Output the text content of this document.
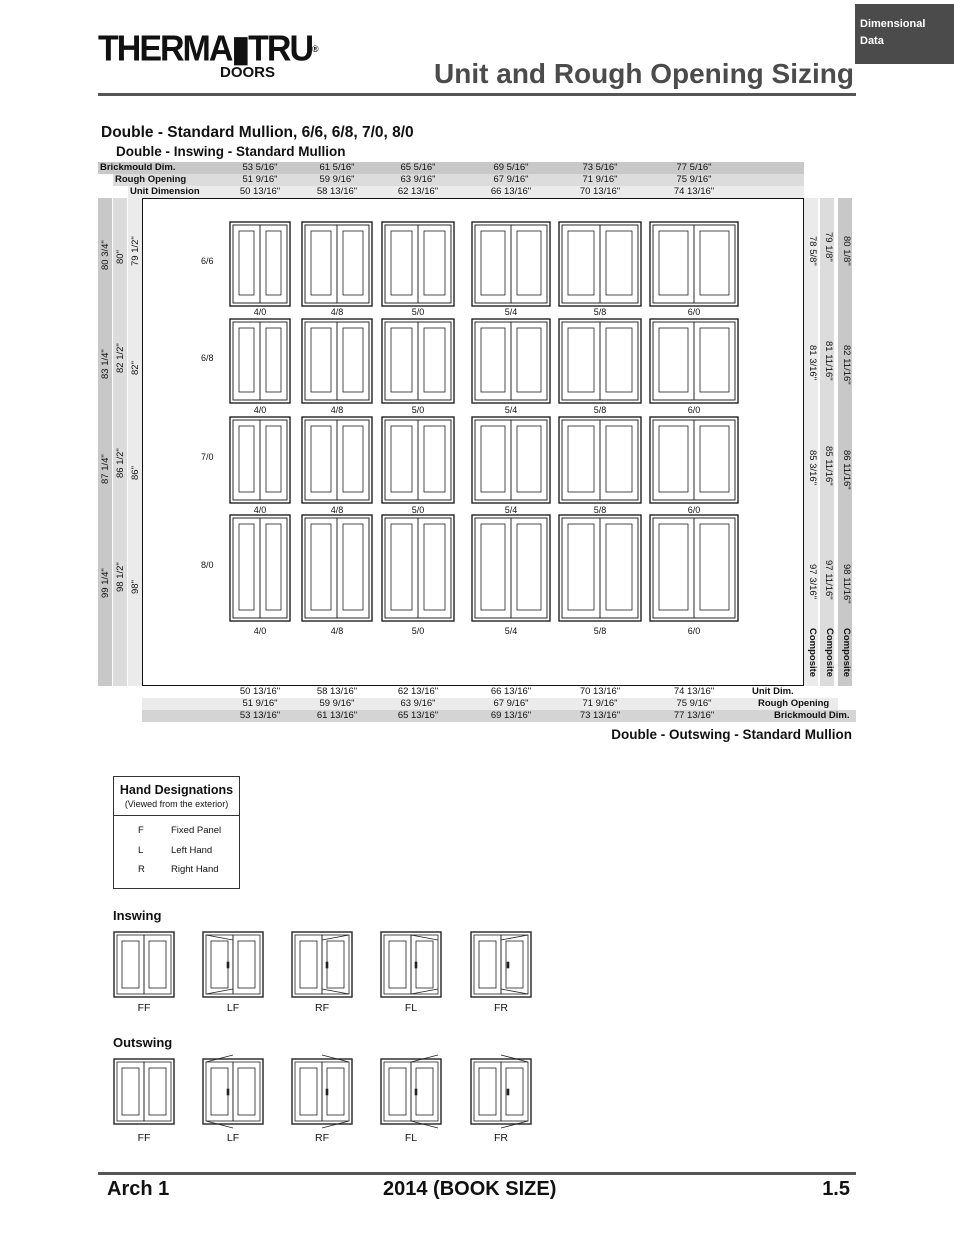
Dimensional
Data
THERMA▮TRU®
DOORS	Unit and Rough Opening Sizing
Double - Standard Mullion, 6/6, 6/8, 7/0, 8/0
Double - Inswing - Standard Mullion
Brickmould Dim.	53 5/16"	61 5/16"	65 5/16"	69 5/16"	73 5/16"	77 5/16"
Rough Opening	51 9/16"	59 9/16"	63 9/16"	67 9/16"	71 9/16"	75 9/16"
Unit Dimension	50 13/16"	58 13/16"	62 13/16"	66 13/16"	70 13/16"	74 13/16"
80 3/4" 80" 79 1/2"	78 5/8" 79 1/8" 80 1/8"
83 1/4" 82 1/2" 82"	81 3/16" 81 11/16" 82 11/16"
87 1/4" 86 1/2" 86"	85 3/16" 85 11/16" 86 11/16"
99 1/4" 98 1/2" 98"	97 3/16" 97 11/16" 98 11/16"
Composite Composite Composite
6/6
6/8
7/0
8/0
4/0	4/8	5/0	5/4	5/8	6/0
4/0	4/8	5/0	5/4	5/8	6/0
4/0	4/8	5/0	5/4	5/8	6/0
4/0	4/8	5/0	5/4	5/8	6/0
50 13/16"	58 13/16"	62 13/16"	66 13/16"	70 13/16"	74 13/16"	Unit Dim.
51 9/16"	59 9/16"	63 9/16"	67 9/16"	71 9/16"	75 9/16"	Rough Opening
53 13/16"	61 13/16"	65 13/16"	69 13/16"	73 13/16"	77 13/16"	Brickmould Dim.
Double - Outswing - Standard Mullion
Hand Designations
(Viewed from the exterior)
F	Fixed Panel
L	Left Hand
R	Right Hand
Inswing
Outswing
FF
FF
LF
LF
RF
RF
FL
FL
FR
FR
Arch 1	2014 (BOOK SIZE)	1.5
